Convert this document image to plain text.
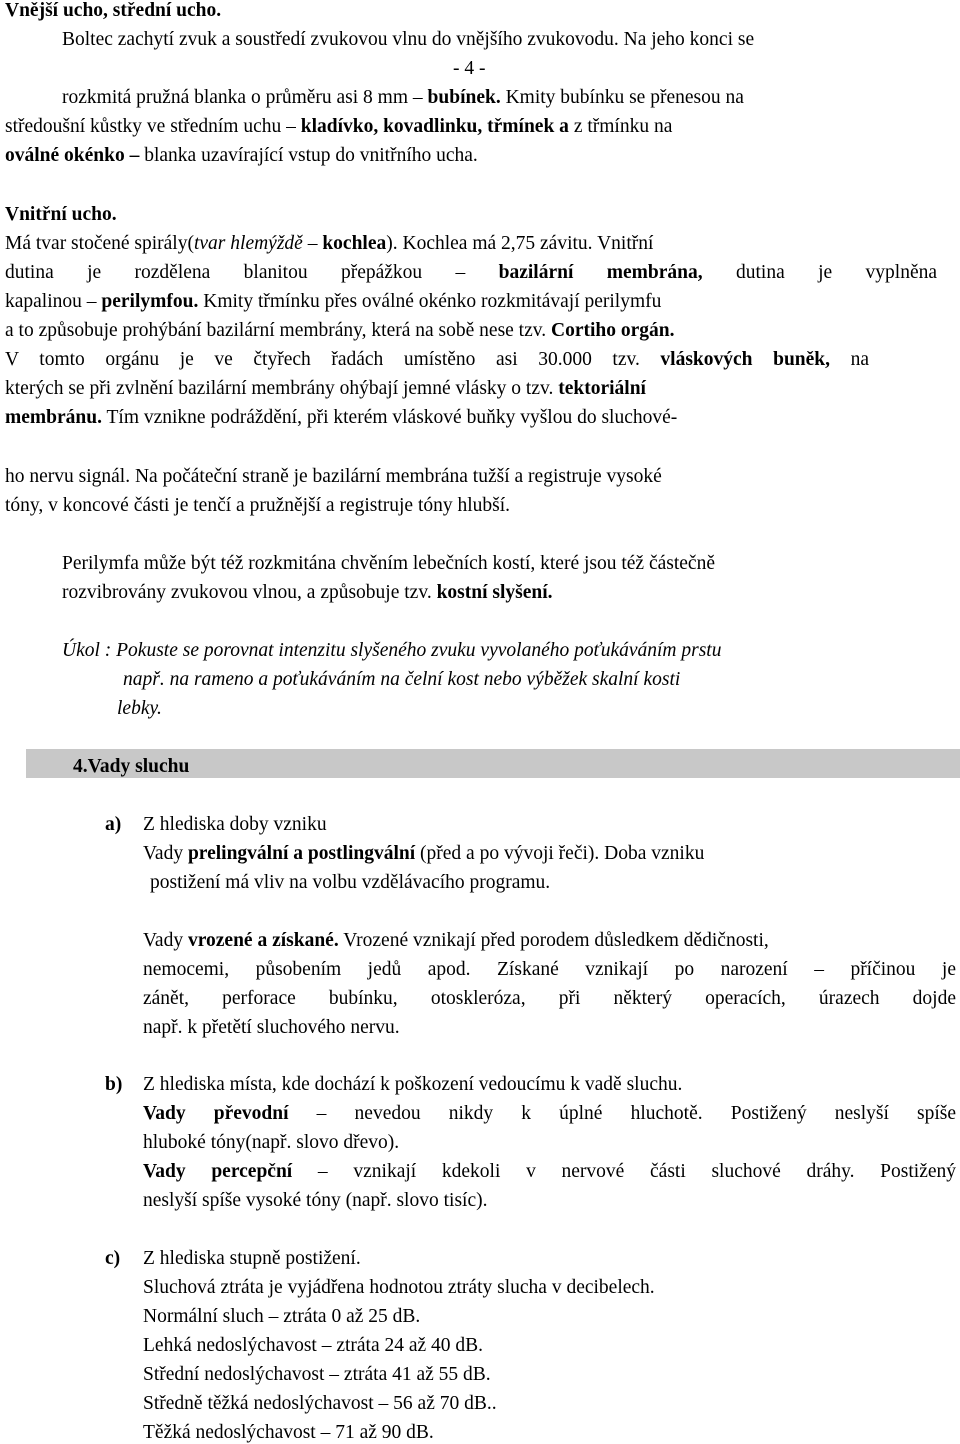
Vnější ucho, střední ucho.
Boltec zachytí zvuk a soustředí zvukovou vlnu do vnějšího zvukovodu. Na jeho konci se
- 4 -
rozkmitá pružná blanka o průměru asi 8 mm – bubínek. Kmity bubínku se přenesou na
středoušní kůstky ve středním uchu – kladívko, kovadlinku, třmínek a z třmínku na
oválné okénko – blanka uzavírající vstup do vnitřního ucha.
Vnitřní ucho.
Má tvar stočené spirály(tvar hlemýždě – kochlea). Kochlea má 2,75 závitu. Vnitřní
dutina je rozdělena blanitou přepážkou – bazilární membrána, dutina je vyplněna
kapalinou – perilymfou. Kmity třmínku přes oválné okénko rozkmitávají perilymfu
a to způsobuje prohýbání bazilární membrány, která na sobě nese tzv. Cortiho orgán.
V tomto orgánu je ve čtyřech řadách umístěno asi 30.000 tzv. vláskových buněk, na
kterých se při zvlnění bazilární membrány ohýbají jemné vlásky o tzv. tektoriální
membránu. Tím vznikne podráždění, při kterém vláskové buňky vyšlou do sluchové-
ho nervu signál. Na počáteční straně je bazilární membrána tužší a registruje vysoké
tóny, v koncové části je tenčí a pružnější a registruje tóny hlubší.
Perilymfa může být též rozkmitána chvěním lebečních kostí, které jsou též částečně
rozvibrovány zvukovou vlnou, a způsobuje tzv. kostní slyšení.
Úkol : Pokuste se porovnat intenzitu slyšeného zvuku vyvolaného poťukáváním prstu
např. na rameno a poťukáváním na čelní kost nebo výběžek skalní kosti
lebky.
4.Vady sluchu
a) Z hlediska doby vzniku
Vady prelingvální a postlingvální (před a po vývoji řeči). Doba vzniku
postižení má vliv na volbu vzdělávacího programu.
Vady vrozené a získané. Vrozené vznikají před porodem důsledkem dědičnosti,
nemocemi, působením jedů apod. Získané vznikají po narození – příčinou je
zánět, perforace bubínku, otoskleróza, při některý operacích, úrazech dojde
např. k přetětí sluchového nervu.
b) Z hlediska místa, kde dochází k poškození vedoucímu k vadě sluchu.
Vady převodní – nevedou nikdy k úplné hluchotě. Postižený neslyší spíše
hluboké tóny(např. slovo dřevo).
Vady percepční – vznikají kdekoli v nervové části sluchové dráhy. Postižený
neslyší spíše vysoké tóny (např. slovo tisíc).
c) Z hlediska stupně postižení.
Sluchová ztráta je vyjádřena hodnotou ztráty slucha v decibelech.
Normální sluch – ztráta 0 až 25 dB.
Lehká nedoslýchavost – ztráta 24 až 40 dB.
Střední nedoslýchavost – ztráta 41 až 55 dB.
Středně těžká nedoslýchavost – 56 až 70 dB..
Těžká nedoslýchavost – 71 až 90 dB.
